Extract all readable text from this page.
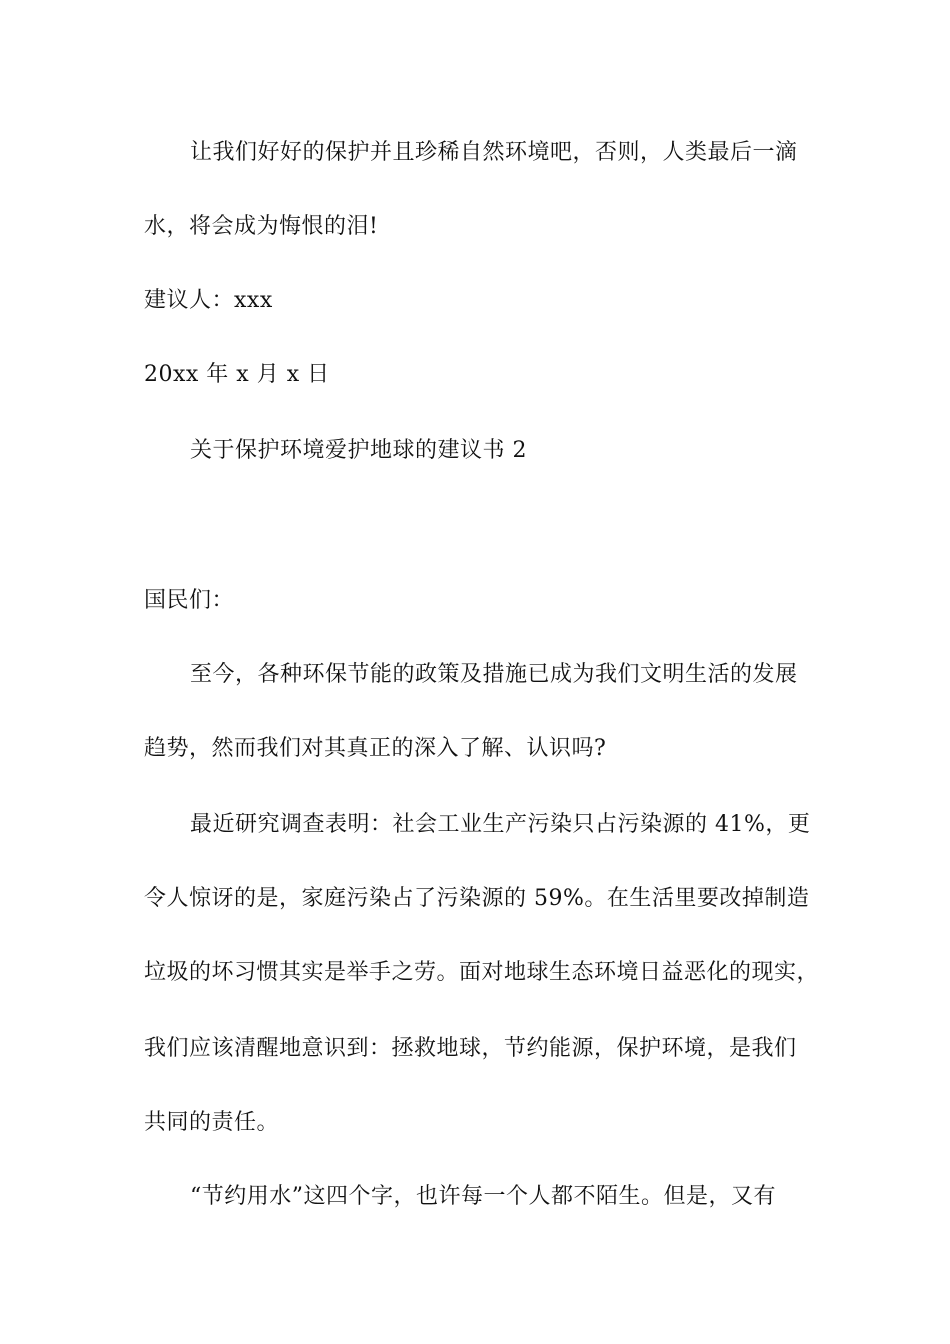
让我们好好的保护并且珍稀自然环境吧，否则，人类最后一滴
水，将会成为悔恨的泪!
建议人：xxx
20xx 年 x 月 x 日
关于保护环境爱护地球的建议书 2
国民们：
至今，各种环保节能的政策及措施已成为我们文明生活的发展
趋势，然而我们对其真正的深入了解、认识吗?
最近研究调查表明：社会工业生产污染只占污染源的 41%，更
令人惊讶的是，家庭污染占了污染源的 59%。在生活里要改掉制造
垃圾的坏习惯其实是举手之劳。面对地球生态环境日益恶化的现实，
我们应该清醒地意识到：拯救地球，节约能源，保护环境，是我们
共同的责任。
“节约用水”这四个字，也许每一个人都不陌生。但是，又有
